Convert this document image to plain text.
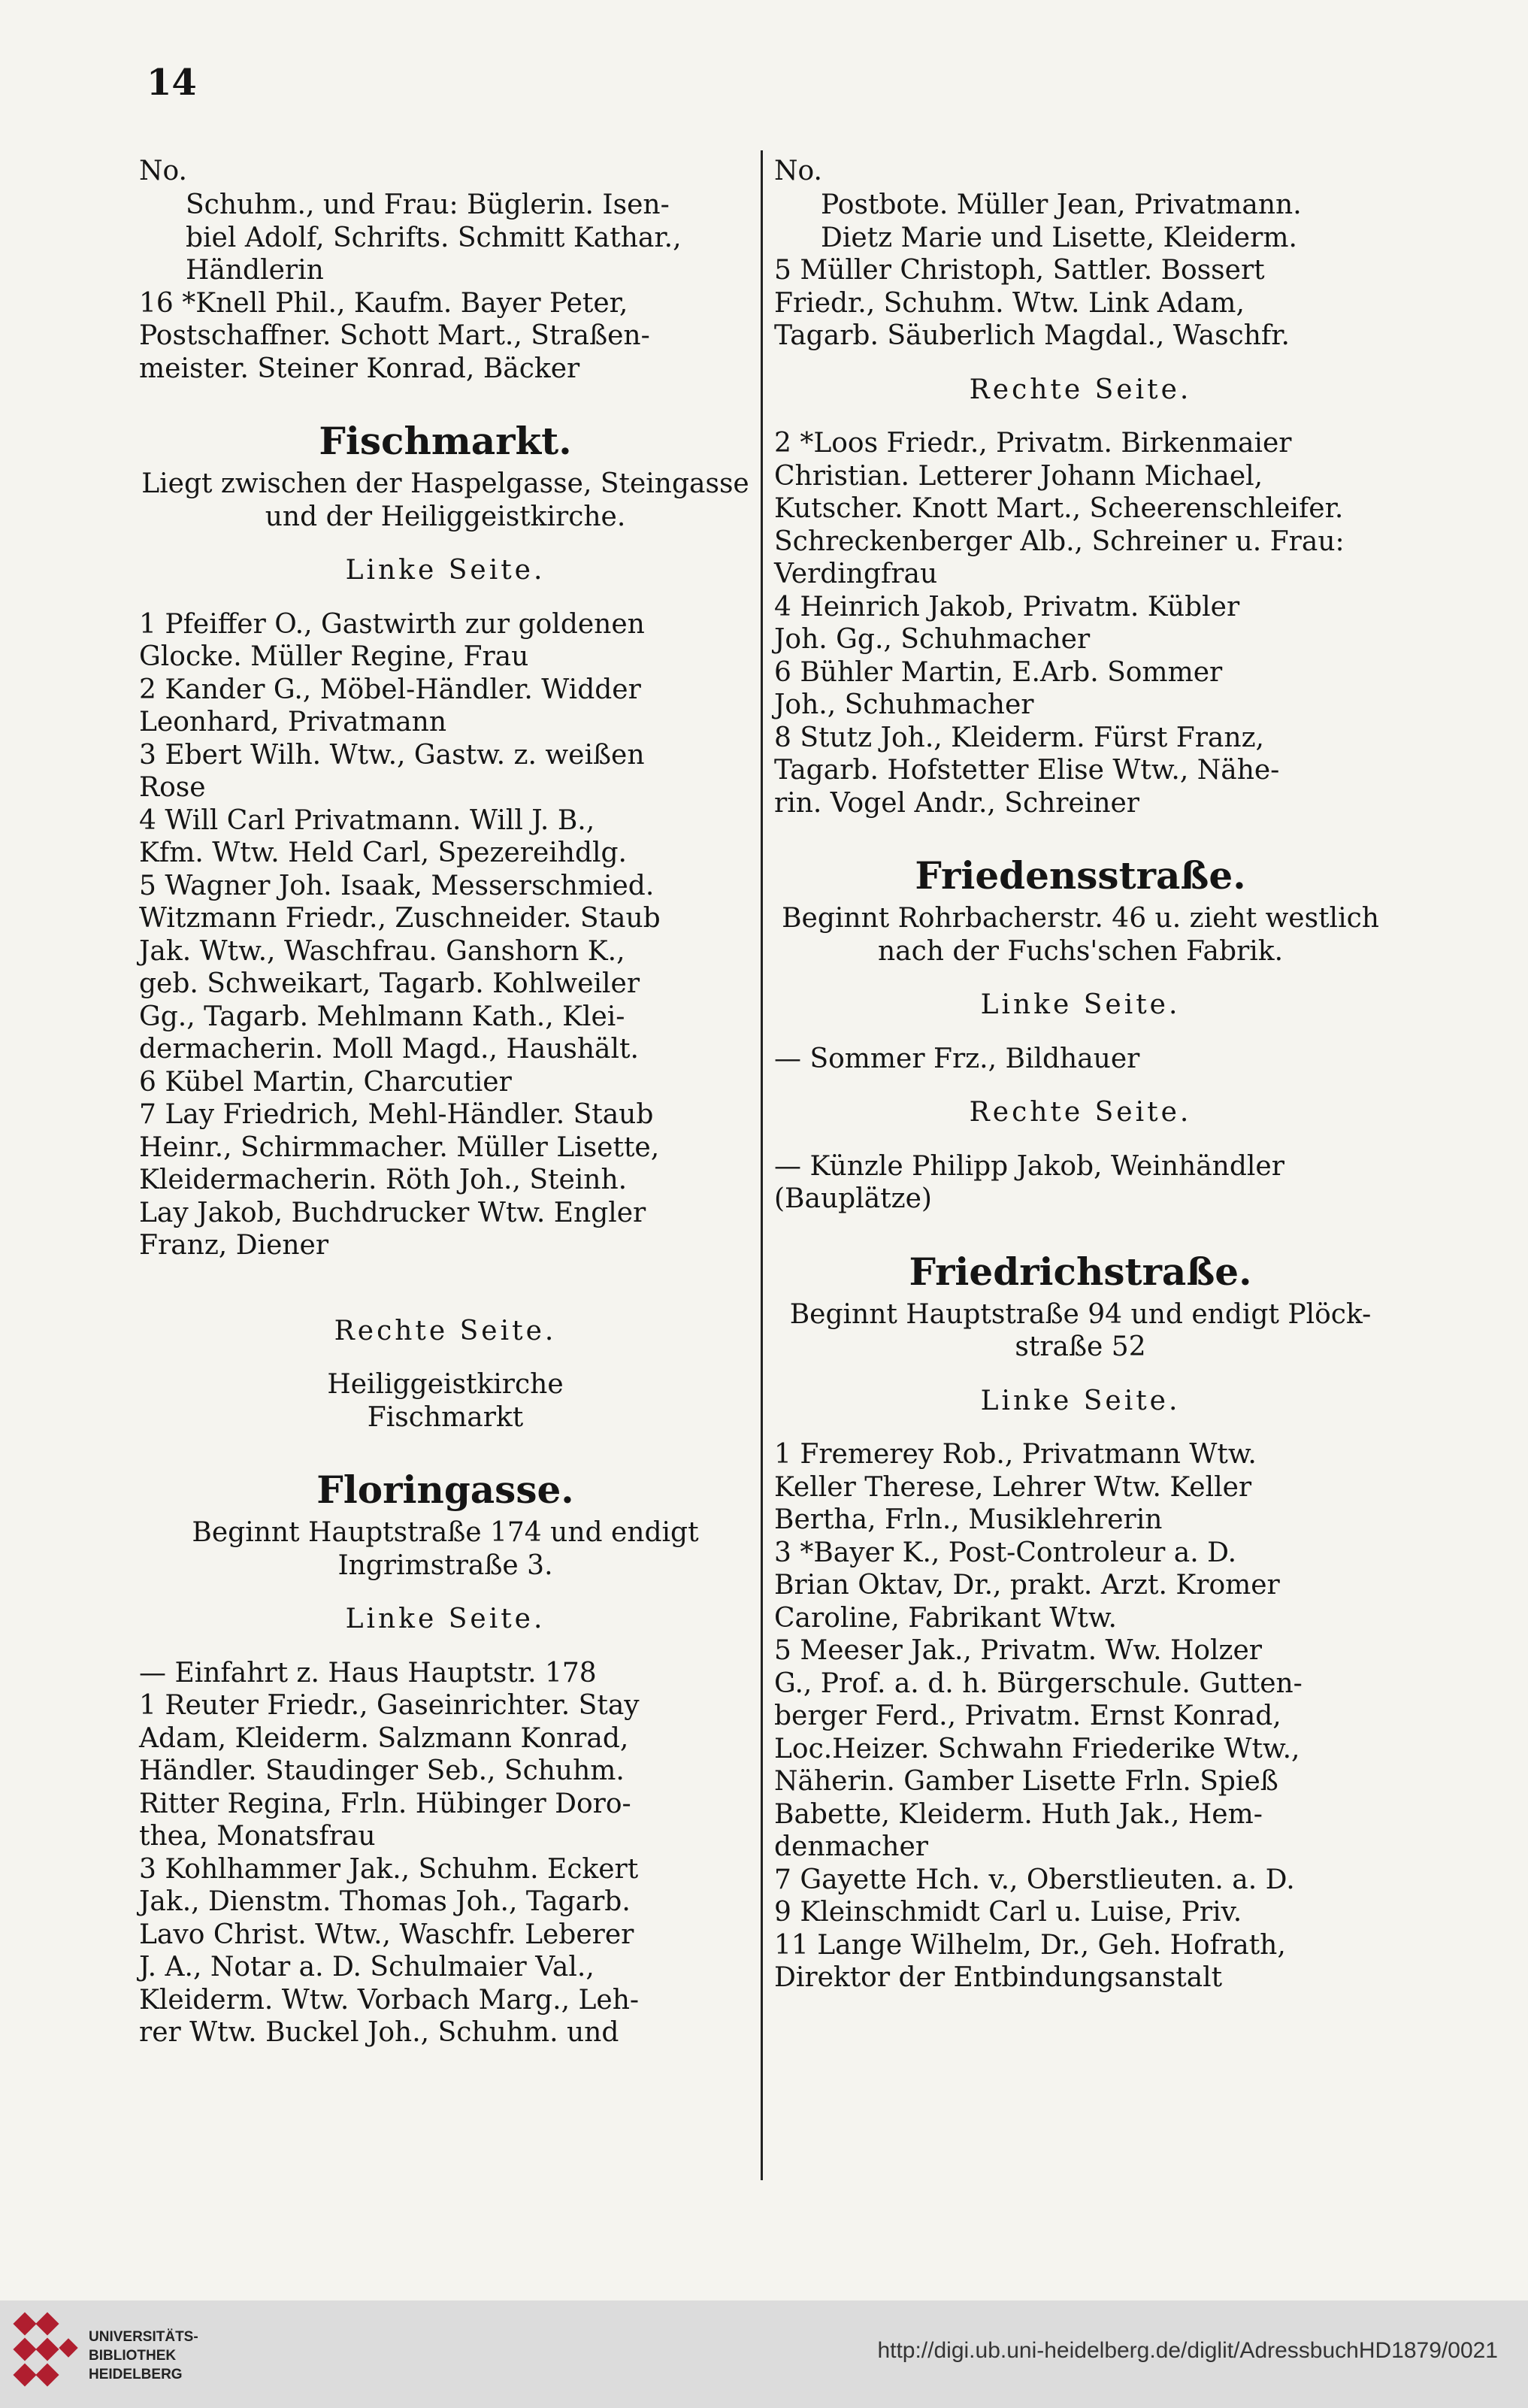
14
No.
Schuhm., und Frau: Büglerin. Isen-
biel Adolf, Schrifts. Schmitt Kathar.,
Händlerin
16 *Knell Phil., Kaufm. Bayer Peter,
Postschaffner. Schott Mart., Straßen-
meister. Steiner Konrad, Bäcker
Fischmarkt.
Liegt zwischen der Haspelgasse, Steingasse
und der Heiliggeistkirche.
Linke Seite.
1 Pfeiffer O., Gastwirth zur goldenen
Glocke. Müller Regine, Frau
2 Kander G., Möbel-Händler. Widder
Leonhard, Privatmann
3 Ebert Wilh. Wtw., Gastw. z. weißen
Rose
4 Will Carl Privatmann. Will J. B.,
Kfm. Wtw. Held Carl, Spezereihdlg.
5 Wagner Joh. Isaak, Messerschmied.
Witzmann Friedr., Zuschneider. Staub
Jak. Wtw., Waschfrau. Ganshorn K.,
geb. Schweikart, Tagarb. Kohlweiler
Gg., Tagarb. Mehlmann Kath., Klei-
dermacherin. Moll Magd., Haushält.
6 Kübel Martin, Charcutier
7 Lay Friedrich, Mehl-Händler. Staub
Heinr., Schirmmacher. Müller Lisette,
Kleidermacherin. Röth Joh., Steinh.
Lay Jakob, Buchdrucker Wtw. Engler
Franz, Diener
Rechte Seite.
Heiliggeistkirche
Fischmarkt
Floringasse.
Beginnt Hauptstraße 174 und endigt
Ingrimstraße 3.
Linke Seite.
— Einfahrt z. Haus Hauptstr. 178
1 Reuter Friedr., Gaseinrichter. Stay
Adam, Kleiderm. Salzmann Konrad,
Händler. Staudinger Seb., Schuhm.
Ritter Regina, Frln. Hübinger Doro-
thea, Monatsfrau
3 Kohlhammer Jak., Schuhm. Eckert
Jak., Dienstm. Thomas Joh., Tagarb.
Lavo Christ. Wtw., Waschfr. Leberer
J. A., Notar a. D. Schulmaier Val.,
Kleiderm. Wtw. Vorbach Marg., Leh-
rer Wtw. Buckel Joh., Schuhm. und
No.
Postbote. Müller Jean, Privatmann.
Dietz Marie und Lisette, Kleiderm.
5 Müller Christoph, Sattler. Bossert
Friedr., Schuhm. Wtw. Link Adam,
Tagarb. Säuberlich Magdal., Waschfr.
Rechte Seite.
2 *Loos Friedr., Privatm. Birkenmaier
Christian. Letterer Johann Michael,
Kutscher. Knott Mart., Scheerenschleifer.
Schreckenberger Alb., Schreiner u. Frau:
Verdingfrau
4 Heinrich Jakob, Privatm. Kübler
Joh. Gg., Schuhmacher
6 Bühler Martin, E.Arb. Sommer
Joh., Schuhmacher
8 Stutz Joh., Kleiderm. Fürst Franz,
Tagarb. Hofstetter Elise Wtw., Nähe-
rin. Vogel Andr., Schreiner
Friedensstraße.
Beginnt Rohrbacherstr. 46 u. zieht westlich
nach der Fuchs'schen Fabrik.
Linke Seite.
— Sommer Frz., Bildhauer
Rechte Seite.
— Künzle Philipp Jakob, Weinhändler
(Bauplätze)
Friedrichstraße.
Beginnt Hauptstraße 94 und endigt Plöck-
straße 52
Linke Seite.
1 Fremerey Rob., Privatmann Wtw.
Keller Therese, Lehrer Wtw. Keller
Bertha, Frln., Musiklehrerin
3 *Bayer K., Post-Controleur a. D.
Brian Oktav, Dr., prakt. Arzt. Kromer
Caroline, Fabrikant Wtw.
5 Meeser Jak., Privatm. Ww. Holzer
G., Prof. a. d. h. Bürgerschule. Gutten-
berger Ferd., Privatm. Ernst Konrad,
Loc.Heizer. Schwahn Friederike Wtw.,
Näherin. Gamber Lisette Frln. Spieß
Babette, Kleiderm. Huth Jak., Hem-
denmacher
7 Gayette Hch. v., Oberstlieuten. a. D.
9 Kleinschmidt Carl u. Luise, Priv.
11 Lange Wilhelm, Dr., Geh. Hofrath,
Direktor der Entbindungsanstalt
UNIVERSITÄTS-
BIBLIOTHEK
HEIDELBERG
http://digi.ub.uni-heidelberg.de/diglit/AdressbuchHD1879/0021
